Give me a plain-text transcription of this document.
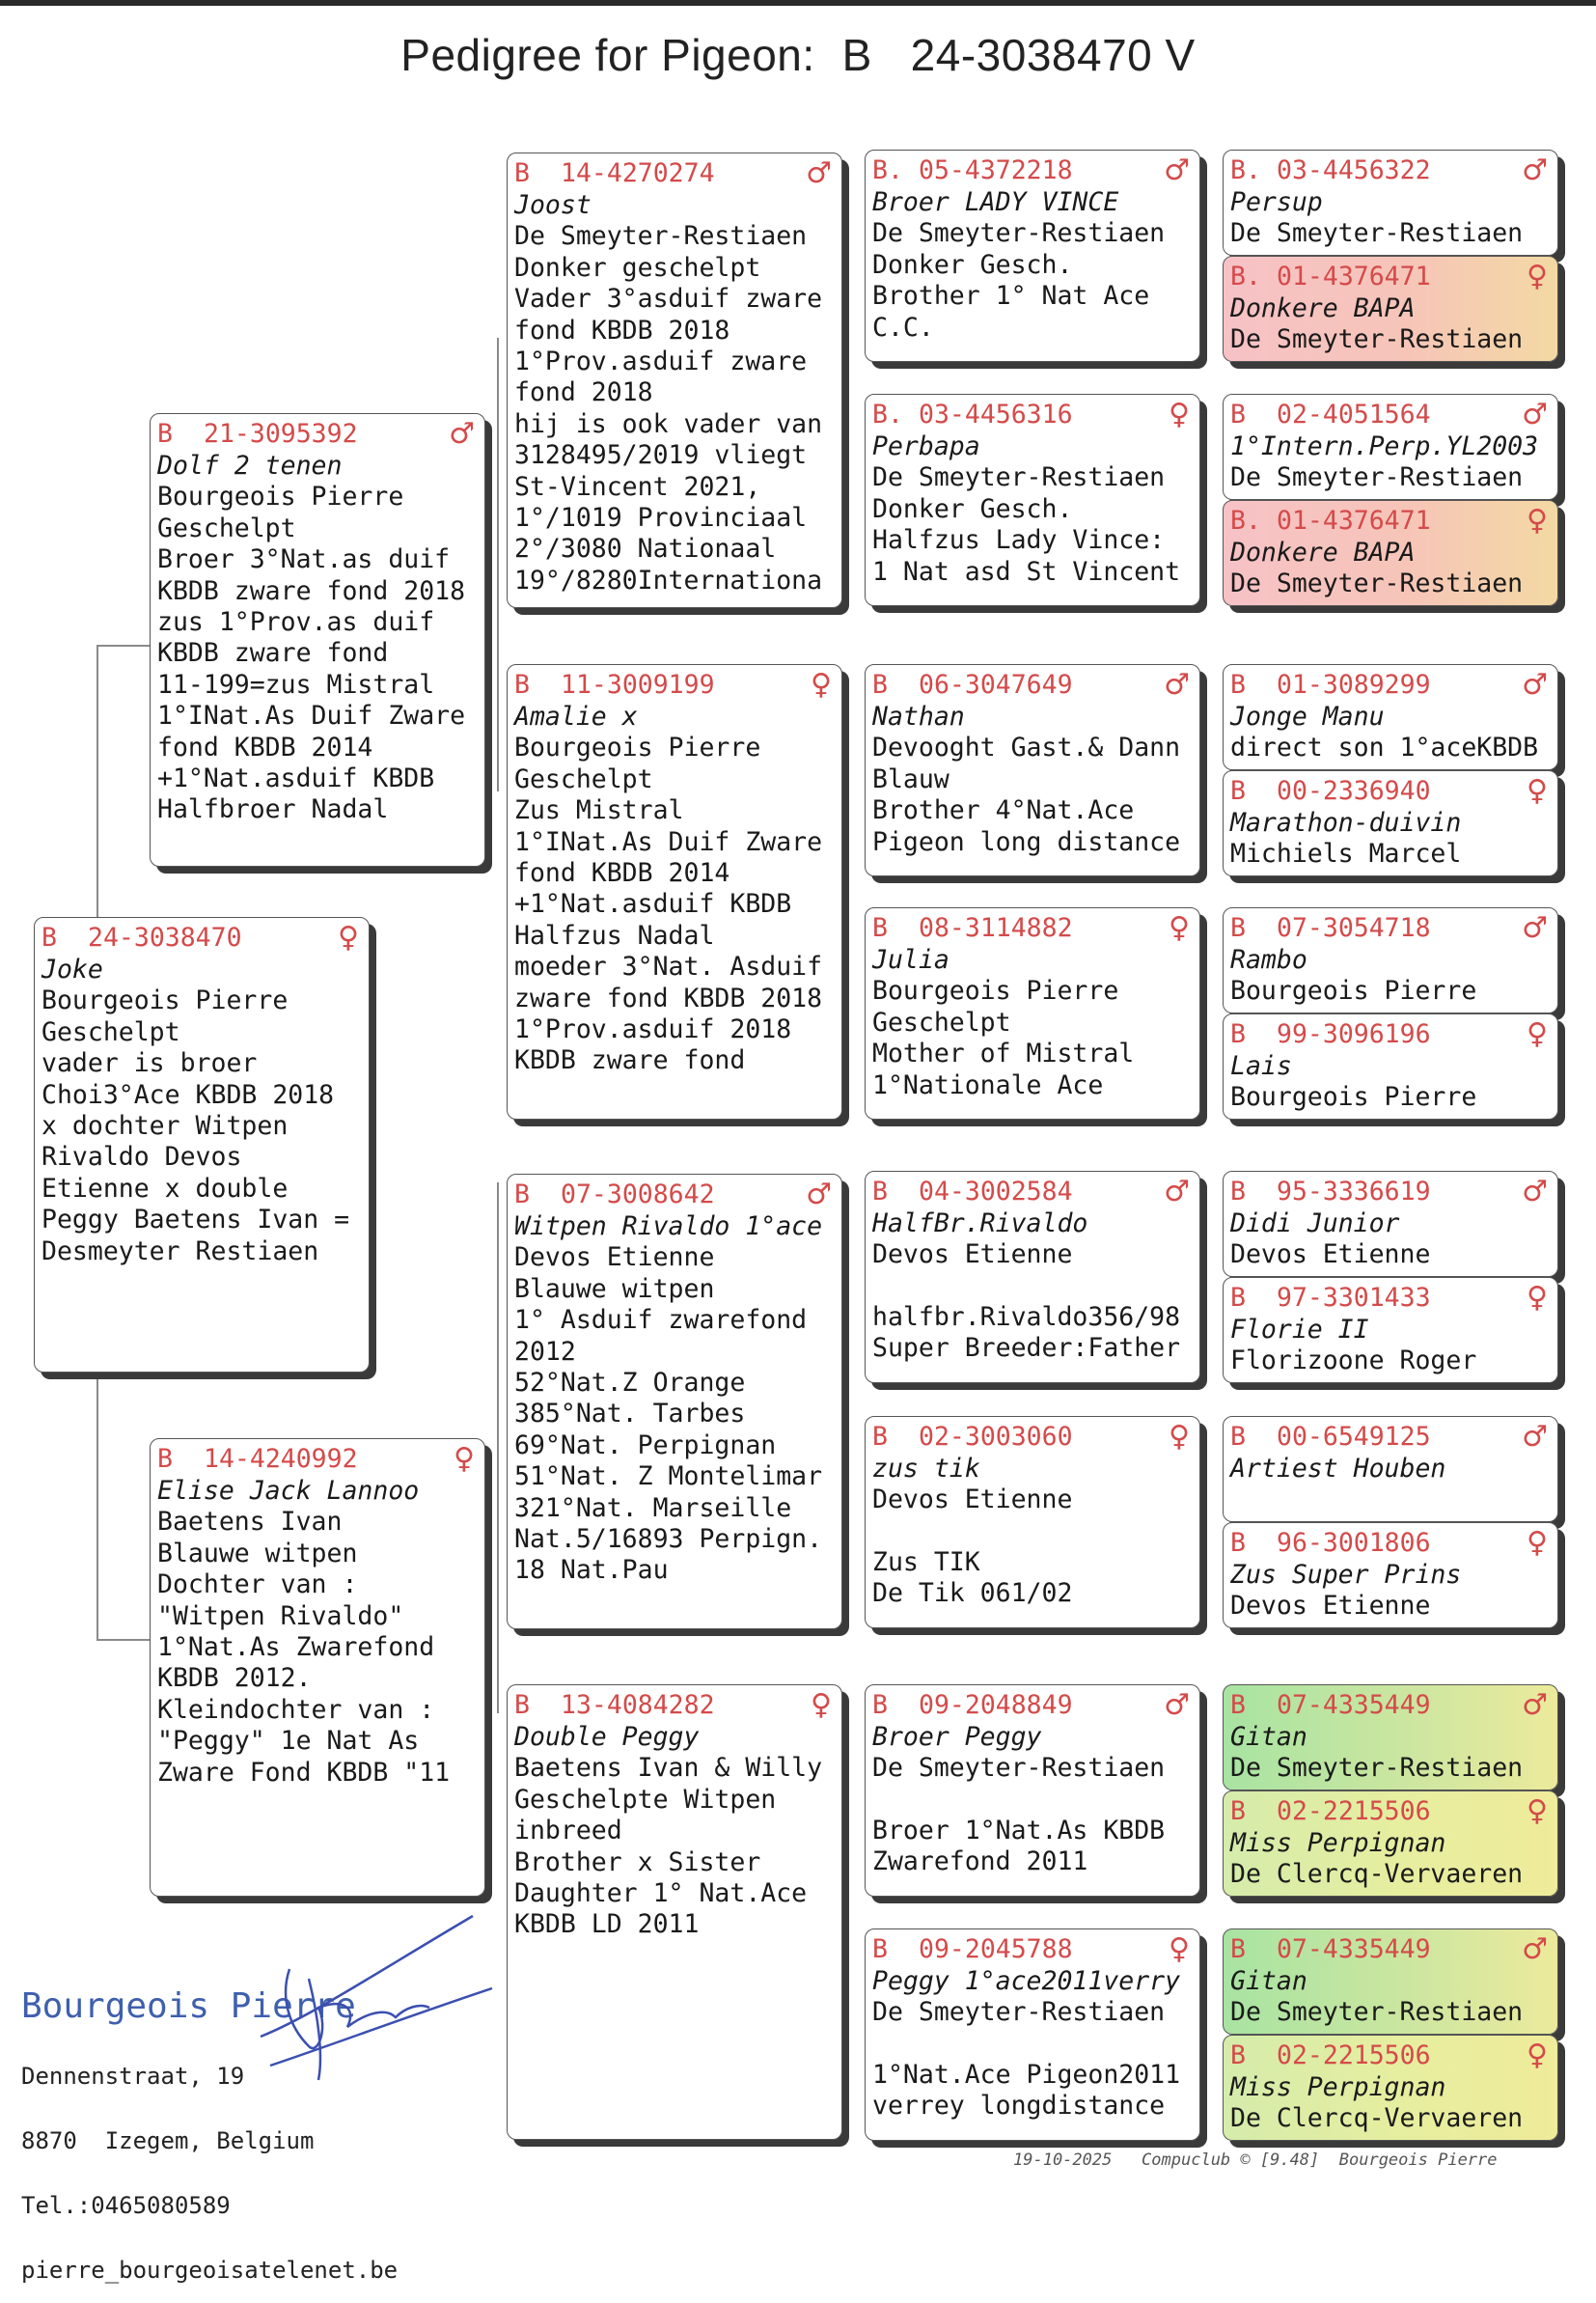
Pedigree for Pigeon: B   24-3038470 V
B	24-3038470	♀
Joke
Bourgeois Pierre
Geschelpt
vader is broer
Choi3°Ace KBDB 2018
x dochter Witpen
Rivaldo Devos
Etienne x double
Peggy Baetens Ivan =
Desmeyter Restiaen
B	21-3095392	♂
Dolf 2 tenen
Bourgeois Pierre
Geschelpt
Broer 3°Nat.as duif
KBDB zware fond 2018
zus 1°Prov.as duif
KBDB zware fond
11-199=zus Mistral
1°INat.As Duif Zware
fond KBDB 2014
+1°Nat.asduif KBDB
Halfbroer Nadal
B	14-4240992	♀
Elise Jack Lannoo
Baetens Ivan
Blauwe witpen
Dochter van :
"Witpen Rivaldo"
1°Nat.As Zwarefond
KBDB 2012.
Kleindochter van :
"Peggy" 1e Nat As
Zware Fond KBDB "11
B	14-4270274	♂
Joost
De Smeyter-Restiaen
Donker geschelpt
Vader 3°asduif zware
fond KBDB 2018
1°Prov.asduif zware
fond 2018
hij is ook vader van
3128495/2019 vliegt
St-Vincent 2021,
1°/1019 Provinciaal
2°/3080 Nationaal
19°/8280Internationa
B	11-3009199	♀
Amalie x
Bourgeois Pierre
Geschelpt
Zus Mistral
1°INat.As Duif Zware
fond KBDB 2014
+1°Nat.asduif KBDB
Halfzus Nadal
moeder 3°Nat. Asduif
zware fond KBDB 2018
1°Prov.asduif 2018
KBDB zware fond
B	07-3008642	♂
Witpen Rivaldo 1°ace
Devos Etienne
Blauwe witpen
1° Asduif zwarefond
2012
52°Nat.Z Orange
385°Nat. Tarbes
69°Nat. Perpignan
51°Nat. Z Montelimar
321°Nat. Marseille
Nat.5/16893 Perpign.
18 Nat.Pau
B	13-4084282	♀
Double Peggy
Baetens Ivan & Willy
Geschelpte Witpen
inbreed
Brother x Sister
Daughter 1° Nat.Ace
KBDB LD 2011
B. 05-4372218	♂
Broer LADY VINCE
De Smeyter-Restiaen
Donker Gesch.
Brother 1° Nat Ace
C.C.
B. 03-4456316	♀
Perbapa
De Smeyter-Restiaen
Donker Gesch.
Halfzus Lady Vince:
1 Nat asd St Vincent
B	06-3047649	♂
Nathan
Devooght Gast.& Dann
Blauw
Brother 4°Nat.Ace
Pigeon long distance
B	08-3114882	♀
Julia
Bourgeois Pierre
Geschelpt
Mother of Mistral
1°Nationale Ace
B	04-3002584	♂
HalfBr.Rivaldo
Devos Etienne
halfbr.Rivaldo356/98
Super Breeder:Father
B	02-3003060	♀
zus tik
Devos Etienne
Zus TIK
De Tik 061/02
B	09-2048849	♂
Broer Peggy
De Smeyter-Restiaen
Broer 1°Nat.As KBDB
Zwarefond 2011
B	09-2045788	♀
Peggy 1°ace2011verry
De Smeyter-Restiaen
1°Nat.Ace Pigeon2011
verrey longdistance
B. 03-4456322	♂
Persup
De Smeyter-Restiaen
B. 01-4376471	♀
Donkere BAPA
De Smeyter-Restiaen
B	02-4051564	♂
1°Intern.Perp.YL2003
De Smeyter-Restiaen
B. 01-4376471	♀
Donkere BAPA
De Smeyter-Restiaen
B	01-3089299	♂
Jonge Manu
direct son 1°aceKBDB
B	00-2336940	♀
Marathon-duivin
Michiels Marcel
B	07-3054718	♂
Rambo
Bourgeois Pierre
B	99-3096196	♀
Lais
Bourgeois Pierre
B	95-3336619	♂
Didi Junior
Devos Etienne
B	97-3301433	♀
Florie II
Florizoone Roger
B	00-6549125	♂
Artiest Houben
B	96-3001806	♀
Zus Super Prins
Devos Etienne
B	07-4335449	♂
Gitan
De Smeyter-Restiaen
B	02-2215506	♀
Miss Perpignan
De Clercq-Vervaeren
B	07-4335449	♂
Gitan
De Smeyter-Restiaen
B	02-2215506	♀
Miss Perpignan
De Clercq-Vervaeren

Bourgeois Pierre

Dennenstraat, 19

8870  Izegem, Belgium

Tel.:0465080589

pierre_bourgeoisatelenet.be

19-10-2025   Compuclub © [9.48]  Bourgeois Pierre
